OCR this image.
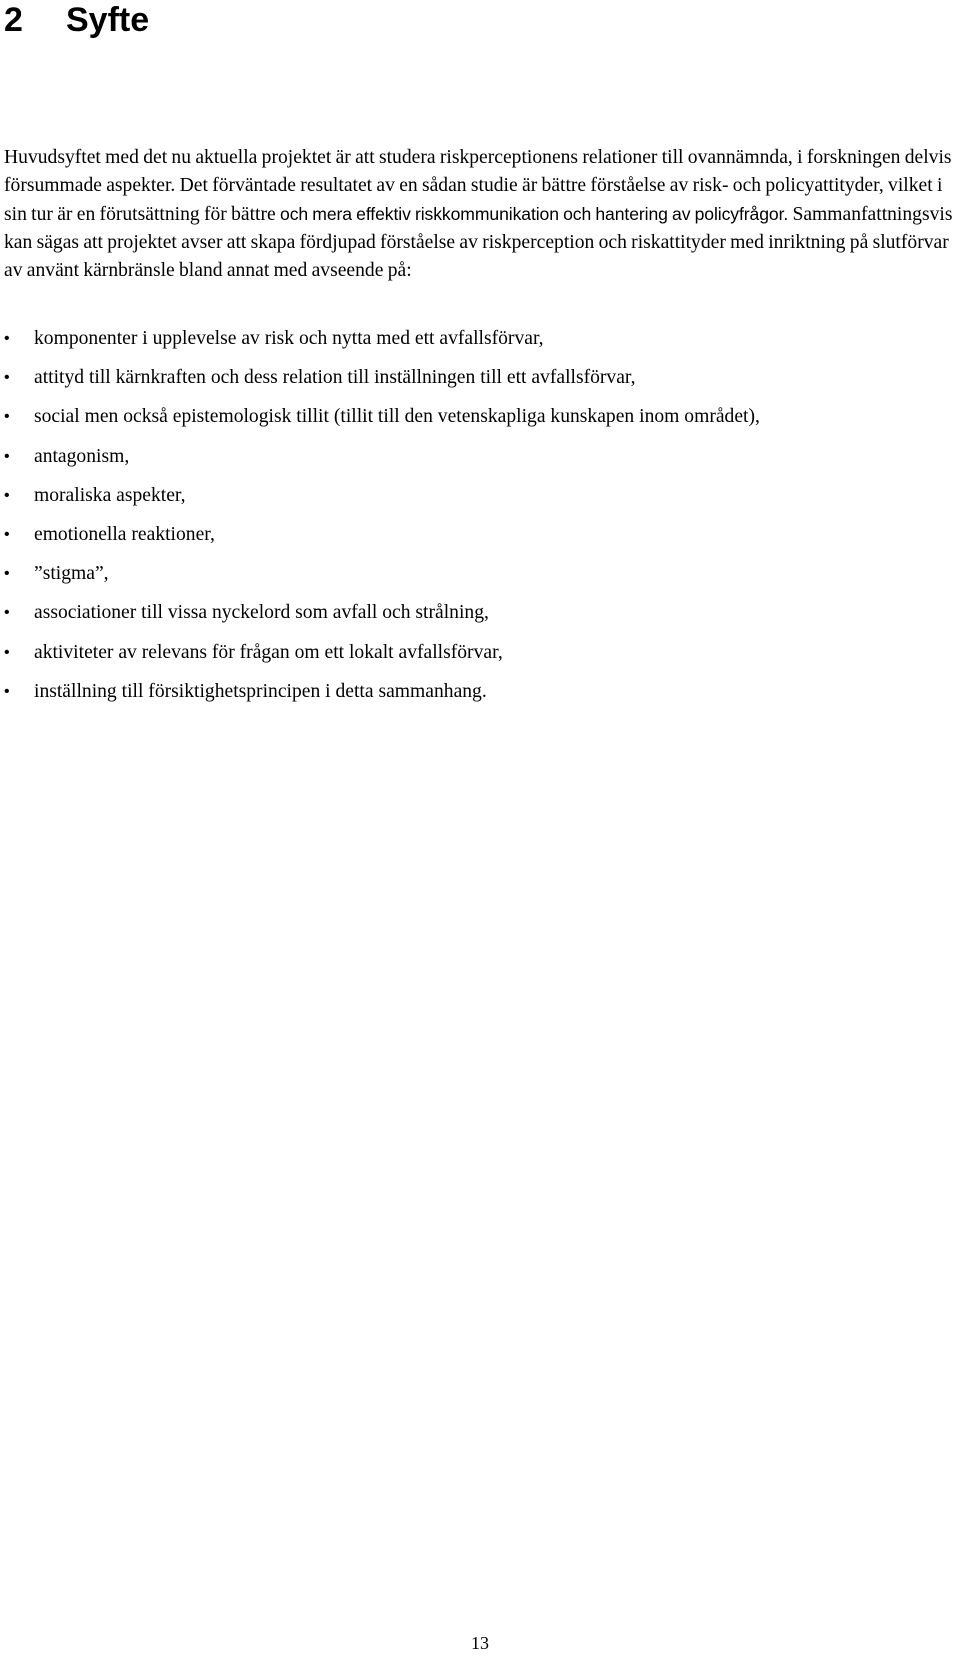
2 Syfte

Huvudsyftet med det nu aktuella projektet är att studera riskperceptionens relationer till ovannämnda, i forskningen delvis försummade aspekter. Det förväntade resultatet av en sådan studie är bättre förståelse av risk- och policyattityder, vilket i sin tur är en förutsättning för bättre och mera effektiv riskkommunikation och hantering av policyfrågor. Sammanfattningsvis kan sägas att projektet avser att skapa fördjupad förståelse av riskperception och riskattityder med inriktning på slutförvar av använt kärnbränsle bland annat med avseende på:

• komponenter i upplevelse av risk och nytta med ett avfallsförvar,
• attityd till kärnkraften och dess relation till inställningen till ett avfallsförvar,
• social men också epistemologisk tillit (tillit till den vetenskapliga kunskapen inom området),
• antagonism,
• moraliska aspekter,
• emotionella reaktioner,
• ”stigma”,
• associationer till vissa nyckelord som avfall och strålning,
• aktiviteter av relevans för frågan om ett lokalt avfallsförvar,
• inställning till försiktighetsprincipen i detta sammanhang.
13
